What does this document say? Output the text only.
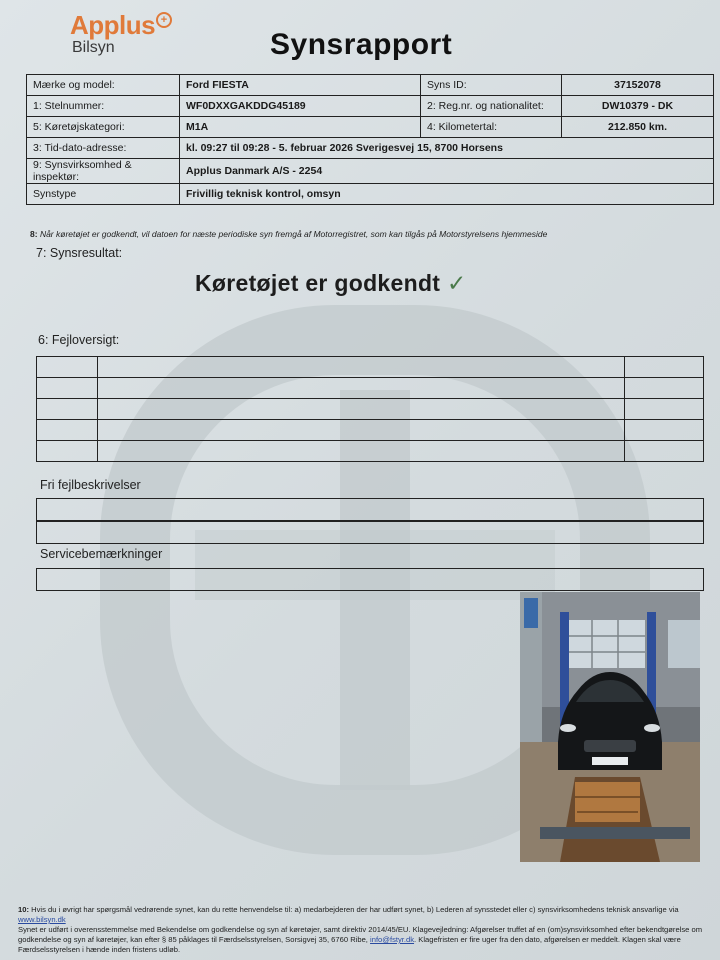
Applus +
Bilsyn	Synsrapport
Mærke og model:	Ford FIESTA	Syns ID:	37152078
1: Stelnummer:	WF0DXXGAKDDG45189	2: Reg.nr. og nationalitet:	DW10379 - DK
5: Køretøjskategori:	M1A	4: Kilometertal:	212.850 km.
3: Tid-dato-adresse:	kl. 09:27 til 09:28 - 5. februar 2026 Sverigesvej 15, 8700 Horsens		
9: Synsvirksomhed & inspektør:	Applus Danmark A/S - 2254		
Synstype	Frivillig teknisk kontrol, omsyn		
8: Når køretøjet er godkendt, vil datoen for næste periodiske syn fremgå af Motorregistret, som kan tilgås på Motorstyrelsens hjemmeside
7: Synsresultat:
Køretøjet er godkendt ✓
6: Fejloversigt:

Fri fejlbeskrivelser
Servicebemærkninger
10: Hvis du i øvrigt har spørgsmål vedrørende synet, kan du rette henvendelse til: a) medarbejderen der har udført synet, b) Lederen af synsstedet eller c) synsvirksomhedens teknisk ansvarlige via www.bilsyn.dk
Synet er udført i overensstemmelse med Bekendelse om godkendelse og syn af køretøjer, samt direktiv 2014/45/EU. Klagevejledning: Afgørelser truffet af en (om)synsvirksomhed efter bekendtgørelse om godkendelse og syn af køretøjer, kan efter § 85 påklages til Færdselsstyrelsen, Sorsigvej 35, 6760 Ribe, info@fstyr.dk. Klagefristen er fire uger fra den dato, afgørelsen er meddelt. Klagen skal være Færdselsstyrelsen i hænde inden fristens udløb.
